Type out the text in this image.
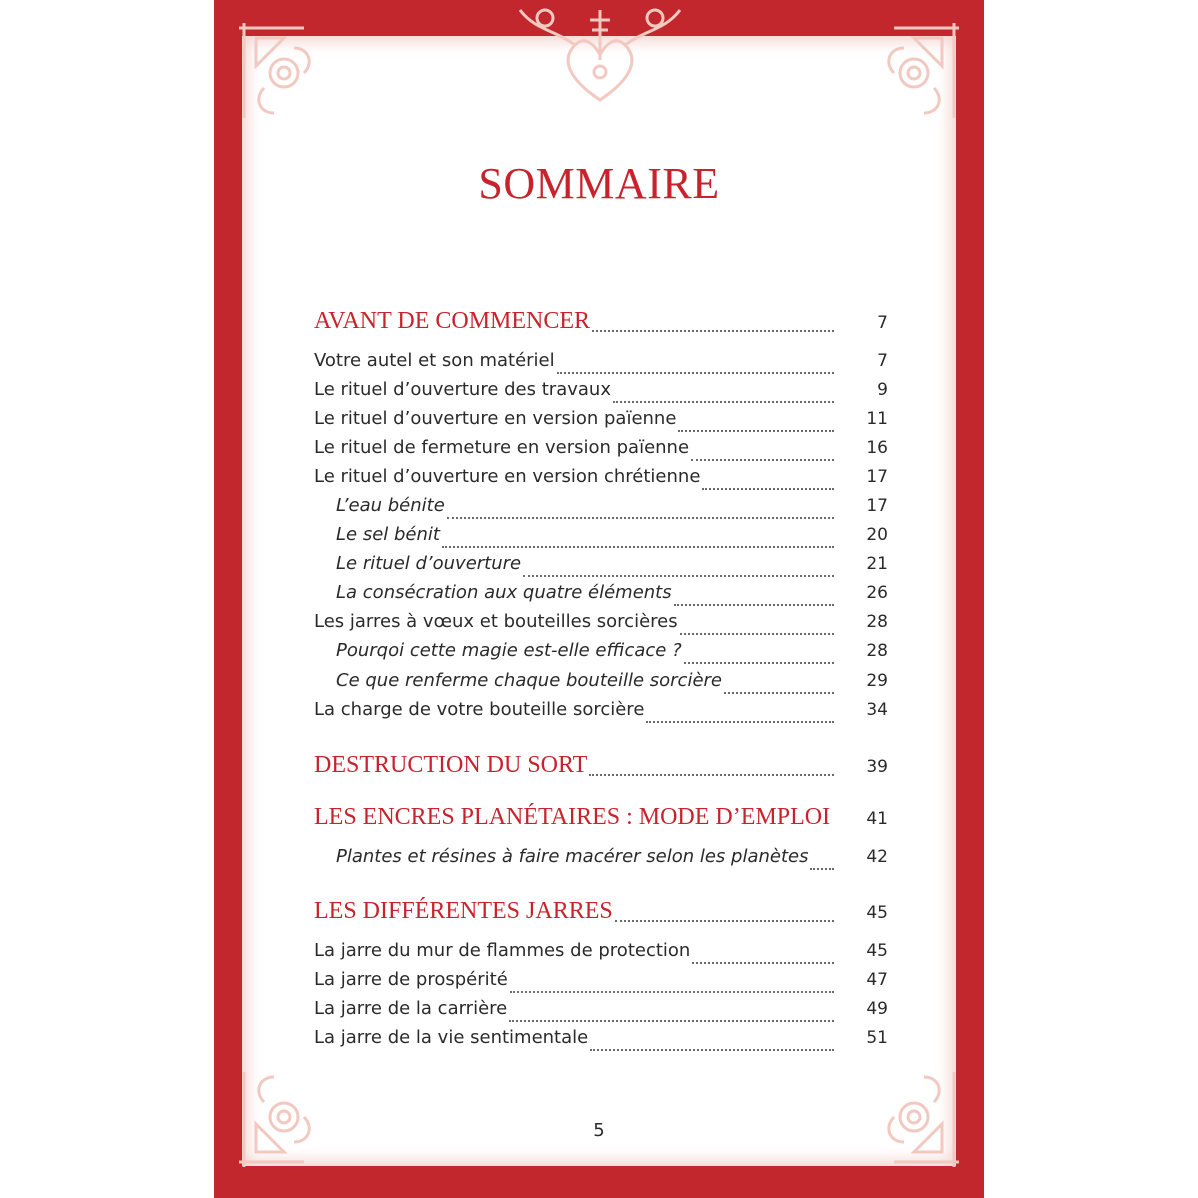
SOMMAIRE
AVANT DE COMMENCER	7
Votre autel et son matériel	7
Le rituel d’ouverture des travaux	9
Le rituel d’ouverture en version païenne	11
Le rituel de fermeture en version païenne	16
Le rituel d’ouverture en version chrétienne	17
L’eau bénite	17
Le sel bénit	20
Le rituel d’ouverture	21
La consécration aux quatre éléments	26
Les jarres à vœux et bouteilles sorcières	28
Pourqoi cette magie est-elle efficace ?	28
Ce que renferme chaque bouteille sorcière	29
La charge de votre bouteille sorcière	34
DESTRUCTION DU SORT	39
LES ENCRES PLANÉTAIRES : MODE D’EMPLOI	41
Plantes et résines à faire macérer selon les planètes	42
LES DIFFÉRENTES JARRES	45
La jarre du mur de flammes de protection	45
La jarre de prospérité	47
La jarre de la carrière	49
La jarre de la vie sentimentale	51
5
